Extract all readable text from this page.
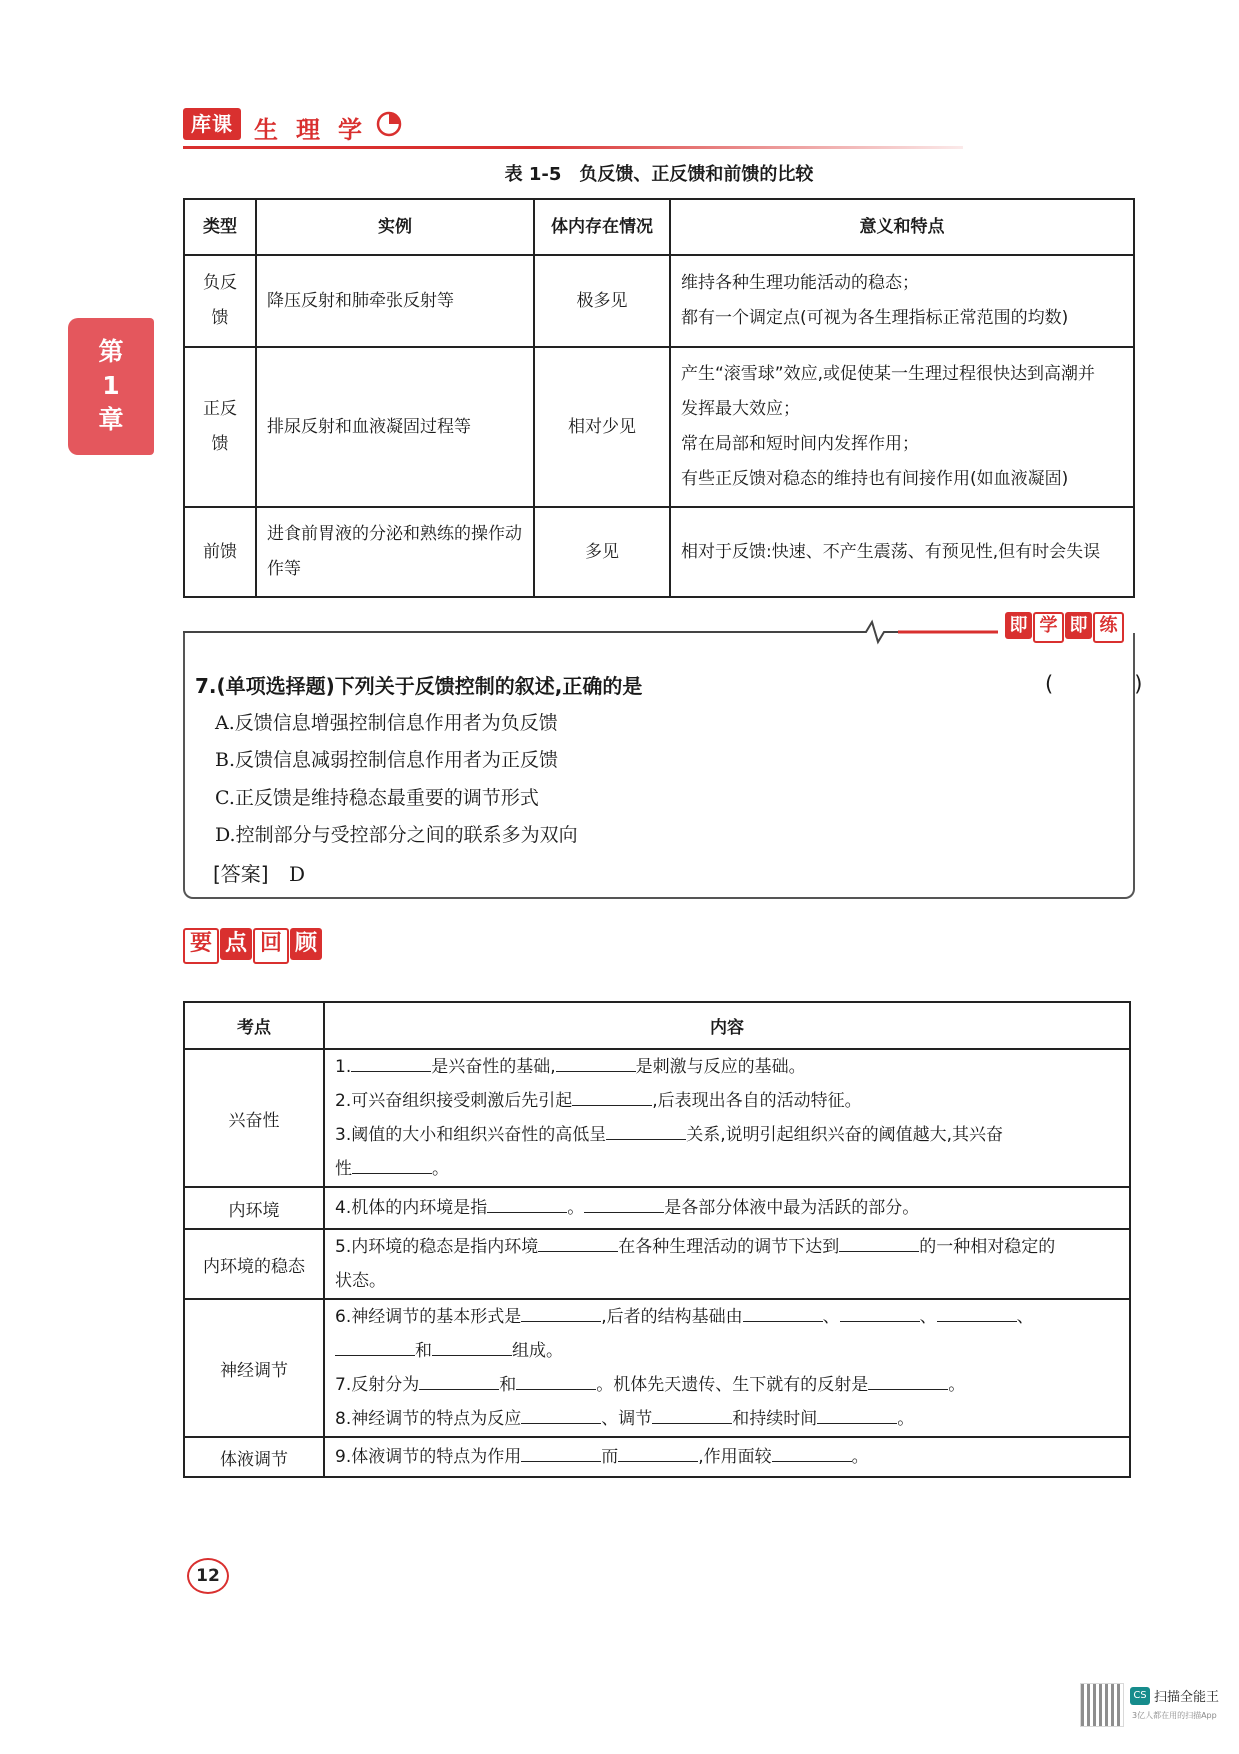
库课 生理学
第
1
章
表 1-5　负反馈、正反馈和前馈的比较
类型	实例	体内存在情况	意义和特点
负反馈	降压反射和肺牵张反射等	极多见	维持各种生理功能活动的稳态；

都有一个调定点(可视为各生理指标正常范围的均数)

正反馈	排尿反射和血液凝固过程等	相对少见	产生“滚雪球”效应,或促使某一生理过程很快达到高潮并

发挥最大效应；

常在局部和短时间内发挥作用；

有些正反馈对稳态的维持也有间接作用(如血液凝固)

前馈	进食前胃液的分泌和熟练的操作动作等	多见	相对于反馈:快速、不产生震荡、有预见性,但有时会失误

即 学 即 练
7.(单项选择题)下列关于反馈控制的叙述,正确的是	(　)
A.反馈信息增强控制信息作用者为负反馈
B.反馈信息减弱控制信息作用者为正反馈
C.正反馈是维持稳态最重要的调节形式
D.控制部分与受控部分之间的联系多为双向
[答案] D
要 点 回 顾
考点	内容
兴奋性	1. 是兴奋性的基础, 是刺激与反应的基础。

2.可兴奋组织接受刺激后先引起 ,后表现出各自的活动特征。

3.阈值的大小和组织兴奋性的高低呈 关系,说明引起组织兴奋的阈值越大,其兴奋

性 。

内环境	4.机体的内环境是指 。 是各部分体液中最为活跃的部分。

内环境的稳态	5.内环境的稳态是指内环境 在各种生理活动的调节下达到 的一种相对稳定的

状态。

神经调节	6.神经调节的基本形式是 ,后者的结构基础由 、 、 、

和 组成。

7.反射分为 和 。机体先天遗传、生下就有的反射是 。

8.神经调节的特点为反应 、调节 和持续时间 。

体液调节	9.体液调节的特点为作用 而 ,作用面较 。

12
CS 扫描全能王
3亿人都在用的扫描App
